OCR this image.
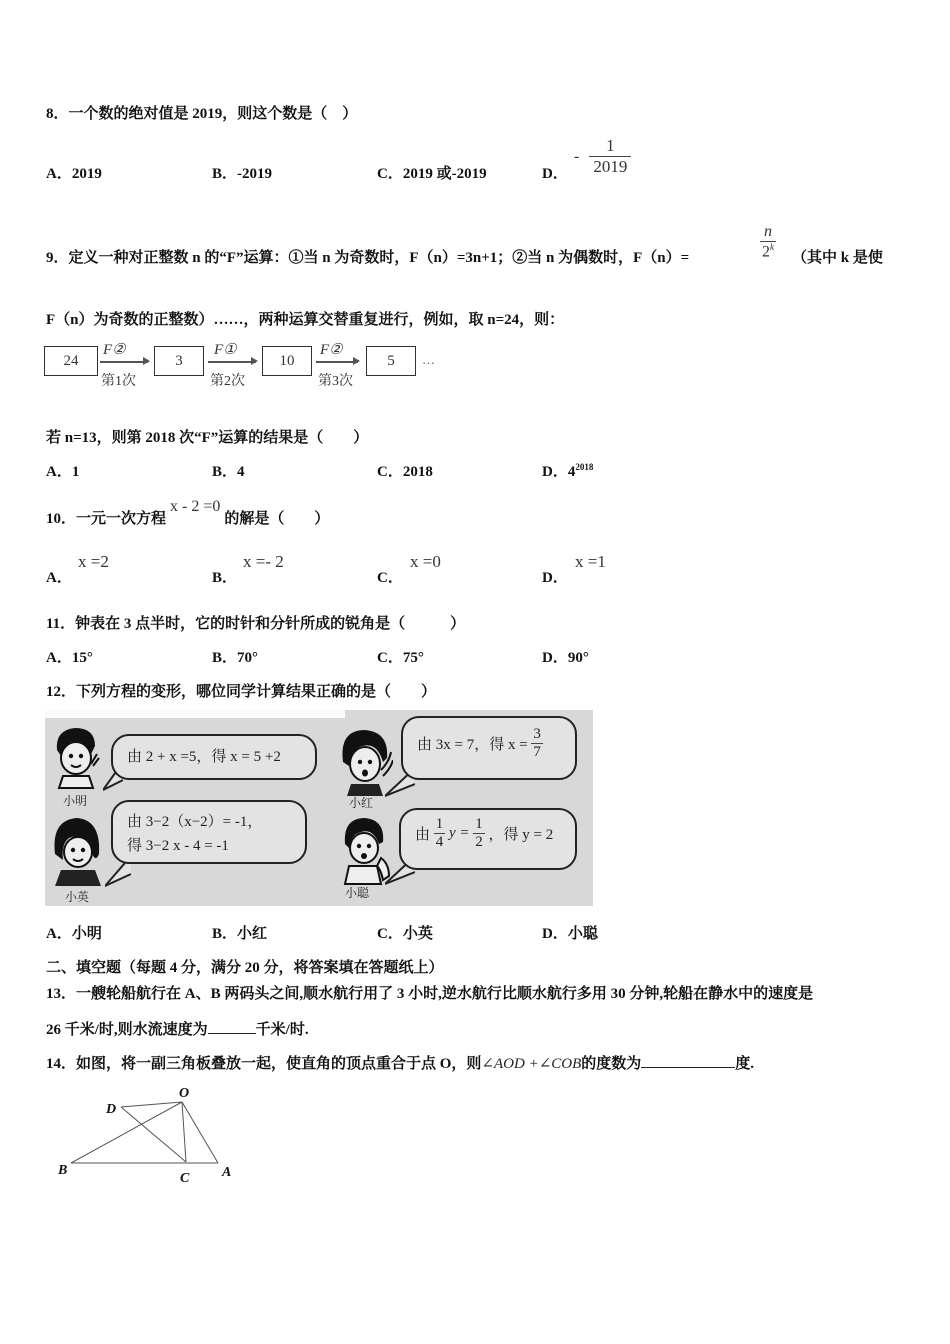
8．一个数的绝对值是 2019，则这个数是（　）
A．2019	B．-2019	C．2019 或-2019	D．
- $\frac{1}{2019}$
9．定义一种对正整数 n 的“F”运算：①当 n 为奇数时，F（n）=3n+1；②当 n 为偶数时，F（n）=	$\frac{n}{2^k}$ （其中 k 是使
F（n）为奇数的正整数）……，两种运算交替重复进行，例如，取 n=24，则：
24
F②
第1次
3
F①
第2次
10
F②
第3次
5	…
若 n=13，则第 2018 次“F”运算的结果是（　　）
A．1	B．4	C．2018	D．$4^{2018}$
10．一元一次方程x - 2 =0的解是（　　）
A．
x =2
B．
x =- 2
C．
x =0
D．
x =1
11．钟表在 3 点半时，它的时针和分针所成的锐角是（　　　）
A．15°	B．70°	C．75°	D．90°
12．下列方程的变形，哪位同学计算结果正确的是（　　）
小明
由 2 + x =5，得 x = 5 +2
小英
由 3−2（x−2）= -1，
得 3−2 x - 4 = -1
小红
由 3x = 7，得 $x = \frac{3}{7}$
小聪
由 $\frac{1}{4}$ $y = \frac{1}{2}$ ，得 y = 2
A．小明	B．小红	C．小英	D．小聪
二、填空题（每题 4 分，满分 20 分，将答案填在答题纸上）
13．一艘轮船航行在 A、B 两码头之间,顺水航行用了 3 小时,逆水航行比顺水航行多用 30 分钟,轮船在静水中的速度是
26 千米/时,则水流速度为	千米/时.
14．如图，将一副三角板叠放一起，使直角的顶点重合于点 O，则∠AOD +∠COB的度数为	度.
O
D
B
C A
